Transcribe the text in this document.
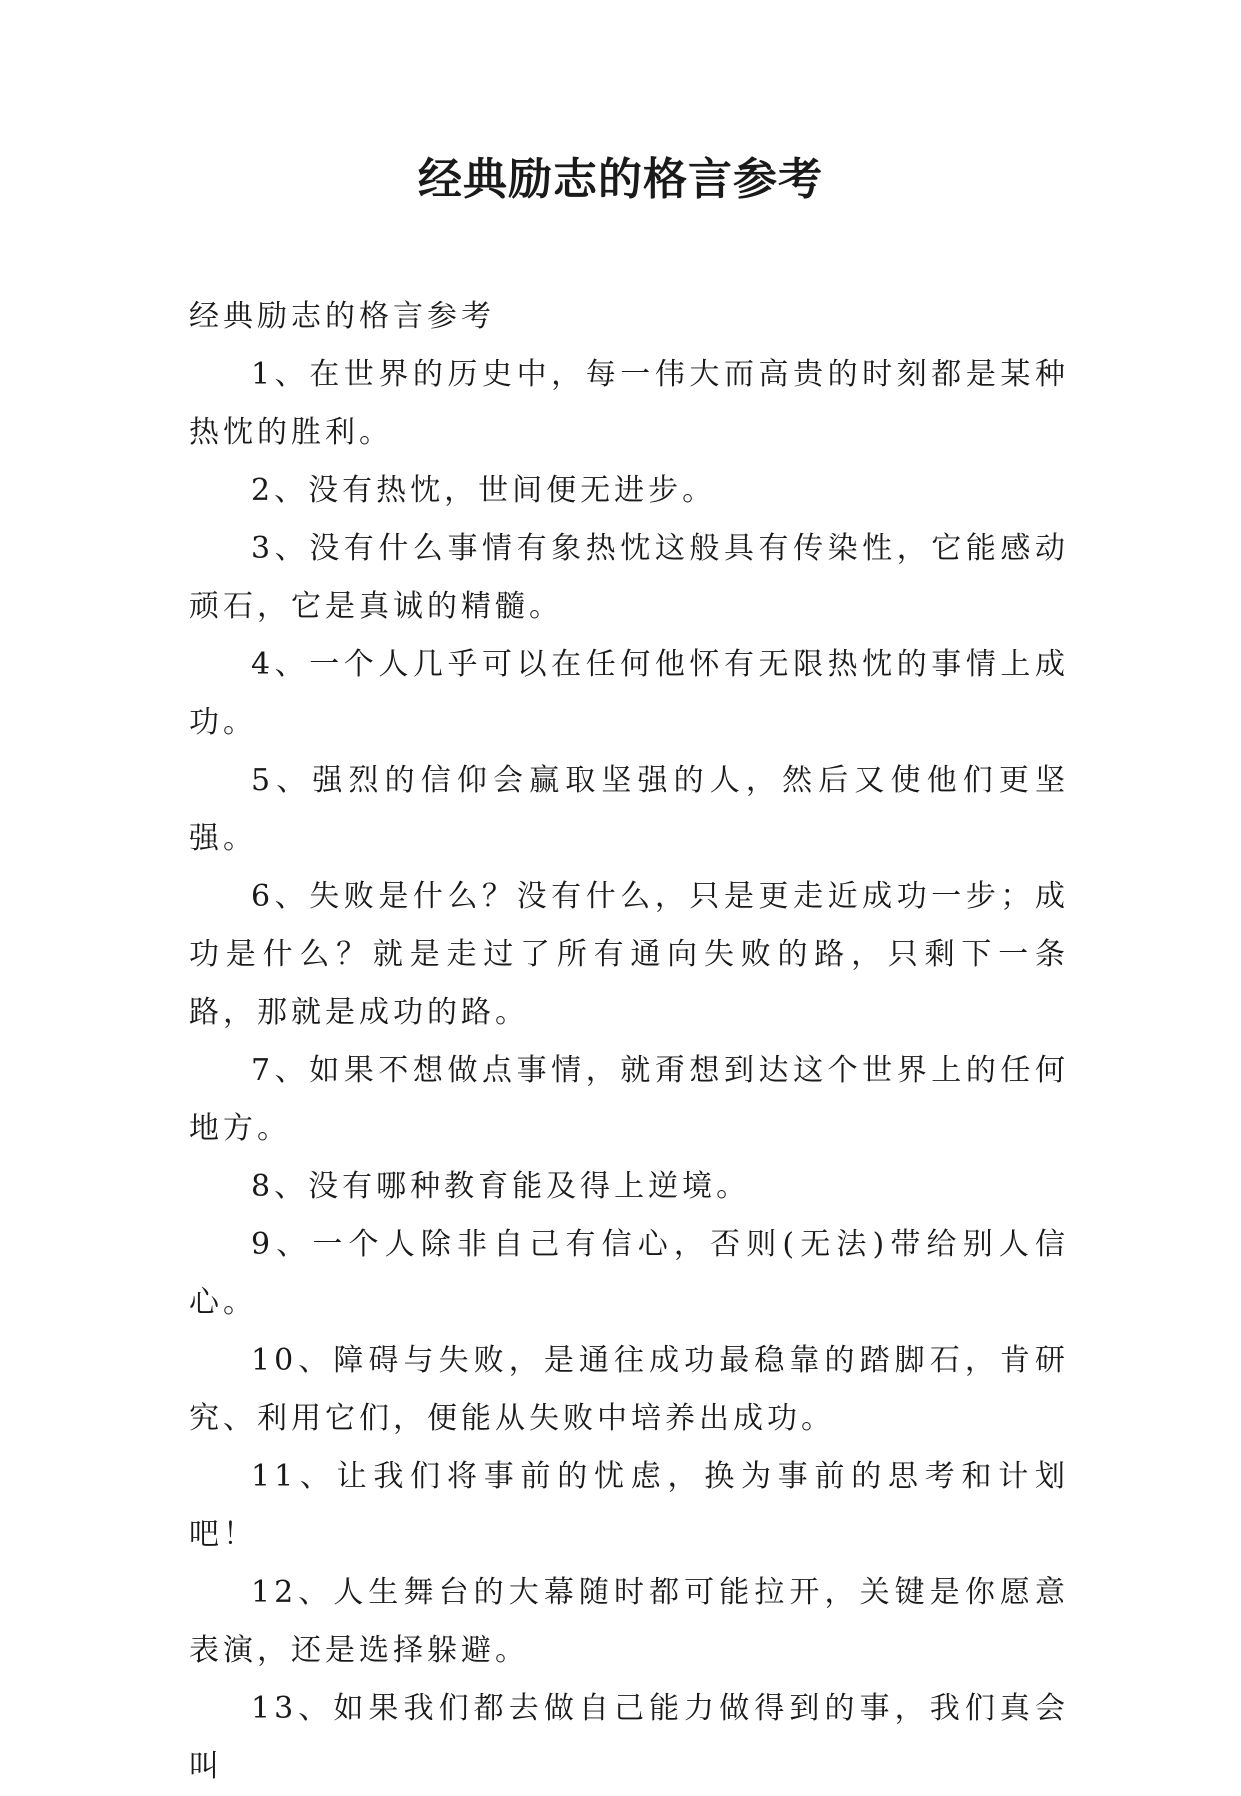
经典励志的格言参考

经典励志的格言参考

1、在世界的历史中，每一伟大而高贵的时刻都是某种热忱的胜利。

2、没有热忱，世间便无进步。

3、没有什么事情有象热忱这般具有传染性，它能感动顽石，它是真诚的精髓。

4、一个人几乎可以在任何他怀有无限热忱的事情上成功。

5、强烈的信仰会赢取坚强的人，然后又使他们更坚强。

6、失败是什么？没有什么，只是更走近成功一步；成功是什么？就是走过了所有通向失败的路，只剩下一条路，那就是成功的路。

7、如果不想做点事情，就甭想到达这个世界上的任何地方。

8、没有哪种教育能及得上逆境。

9、一个人除非自己有信心，否则(无法)带给别人信心。

10、障碍与失败，是通往成功最稳靠的踏脚石，肯研究、利用它们，便能从失败中培养出成功。

11、让我们将事前的忧虑，换为事前的思考和计划吧！

12、人生舞台的大幕随时都可能拉开，关键是你愿意表演，还是选择躲避。

13、如果我们都去做自己能力做得到的事，我们真会叫
